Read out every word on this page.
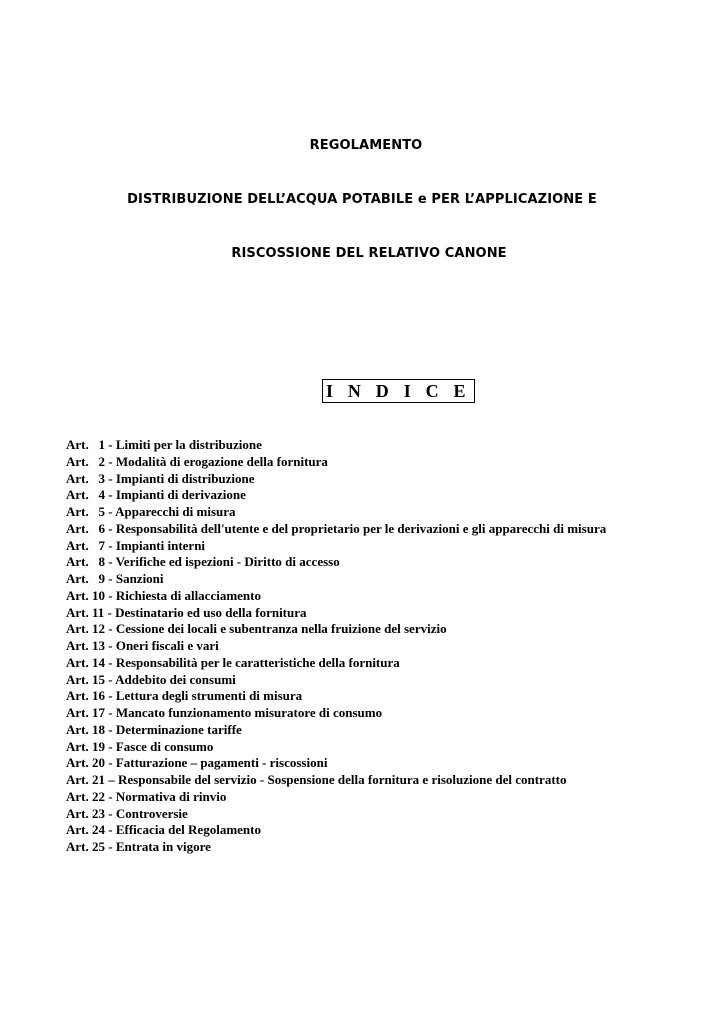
REGOLAMENTO
DISTRIBUZIONE DELL’ACQUA POTABILE e PER L’APPLICAZIONE E
RISCOSSIONE DEL RELATIVO CANONE
I N D I C E
Art.   1 - Limiti per la distribuzione
Art.   2 - Modalità di erogazione della fornitura
Art.   3 - Impianti di distribuzione
Art.   4 - Impianti di derivazione
Art.   5 - Apparecchi di misura
Art.   6 - Responsabilità dell'utente e del proprietario per le derivazioni e gli apparecchi di misura
Art.   7 - Impianti interni
Art.   8 - Verifiche ed ispezioni - Diritto di accesso
Art.   9 - Sanzioni
Art. 10 - Richiesta di allacciamento
Art. 11 - Destinatario ed uso della fornitura
Art. 12 - Cessione dei locali e subentranza nella fruizione del servizio
Art. 13 - Oneri fiscali e vari
Art. 14 - Responsabilità per le caratteristiche della fornitura
Art. 15 - Addebito dei consumi
Art. 16 - Lettura degli strumenti di misura
Art. 17 - Mancato funzionamento misuratore di consumo
Art. 18 - Determinazione tariffe
Art. 19 - Fasce di consumo
Art. 20 - Fatturazione – pagamenti - riscossioni
Art. 21 – Responsabile del servizio - Sospensione della fornitura e risoluzione del contratto
Art. 22 - Normativa di rinvio
Art. 23 - Controversie
Art. 24 - Efficacia del Regolamento
Art. 25 - Entrata in vigore
